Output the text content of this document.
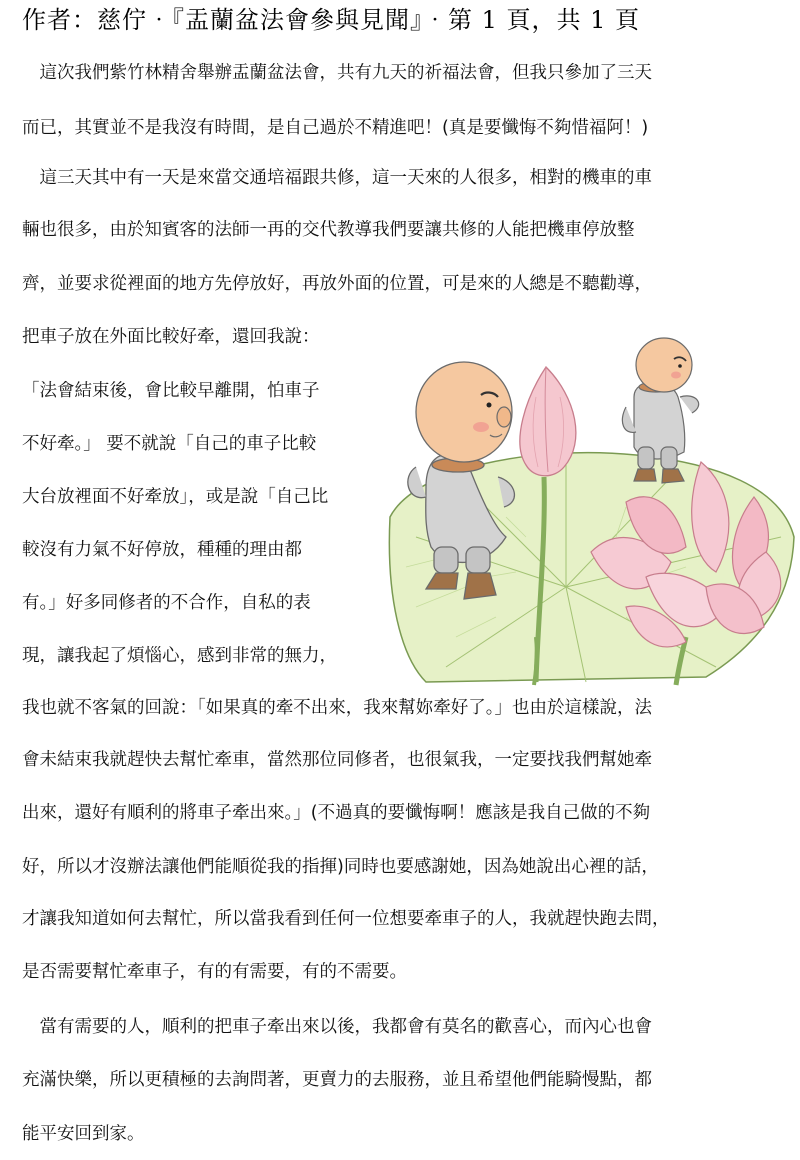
作者：慈佇‧『盂蘭盆法會參與見聞』‧第 1 頁，共 1 頁
　這次我們紫竹林精舍舉辦盂蘭盆法會，共有九天的祈福法會，但我只參加了三天
而已，其實並不是我沒有時間，是自己過於不精進吧！(真是要懺悔不夠惜福阿！)
　這三天其中有一天是來當交通培福跟共修，這一天來的人很多，相對的機車的車
輛也很多，由於知賓客的法師一再的交代教導我們要讓共修的人能把機車停放整
齊，並要求從裡面的地方先停放好，再放外面的位置，可是來的人總是不聽勸導，
把車子放在外面比較好牽，還回我說：
「法會結束後，會比較早離開，怕車子
不好牽。」 要不就說「自己的車子比較
大台放裡面不好牽放」，或是說「自己比
較沒有力氣不好停放，種種的理由都
有。」好多同修者的不合作，自私的表
現，讓我起了煩惱心，感到非常的無力，
我也就不客氣的回說：「如果真的牽不出來，我來幫妳牽好了。」也由於這樣說，法
會未結束我就趕快去幫忙牽車，當然那位同修者，也很氣我，一定要找我們幫她牽
出來，還好有順利的將車子牽出來。」(不過真的要懺悔啊！應該是我自己做的不夠
好，所以才沒辦法讓他們能順從我的指揮)同時也要感謝她，因為她說出心裡的話，
才讓我知道如何去幫忙，所以當我看到任何一位想要牽車子的人，我就趕快跑去問，
是否需要幫忙牽車子，有的有需要，有的不需要。
　當有需要的人，順利的把車子牽出來以後，我都會有莫名的歡喜心，而內心也會
充滿快樂，所以更積極的去詢問著，更賣力的去服務，並且希望他們能騎慢點，都
能平安回到家。
